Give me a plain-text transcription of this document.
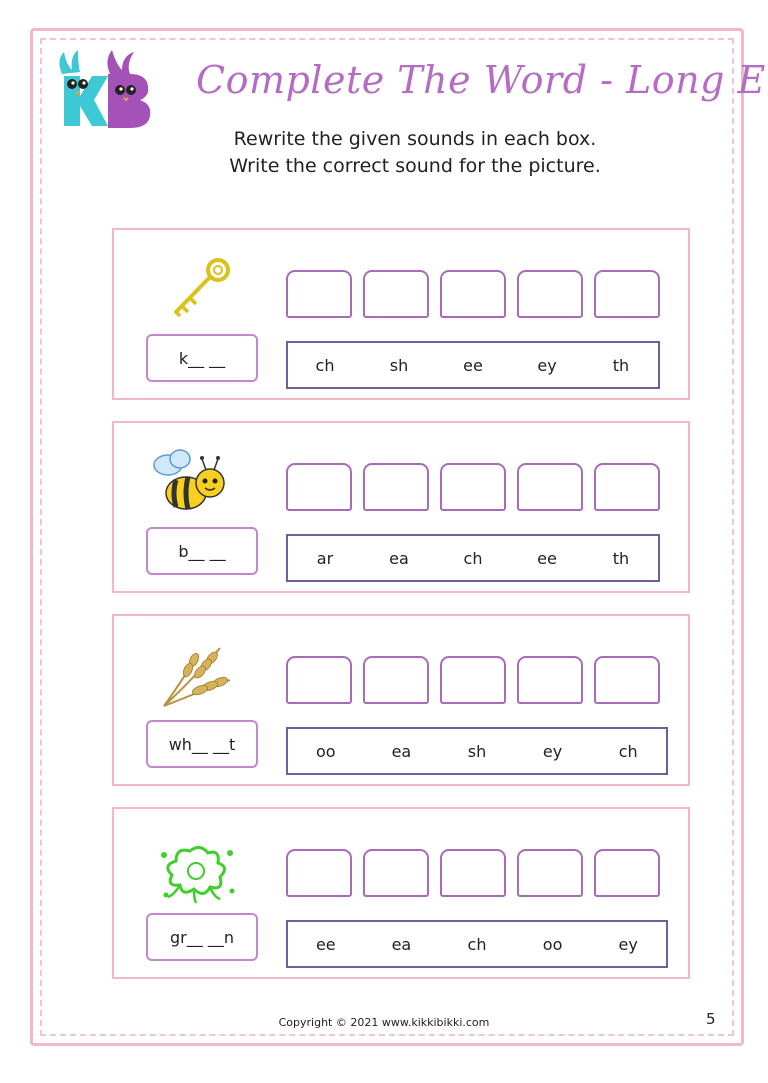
Complete The Word - Long E
Rewrite the given sounds in each box.
Write the correct sound for the picture.
k__ __	ch	sh	ee	ey	th
b__ __	ar	ea	ch	ee	th
wh__ __t	oo	ea	sh	ey	ch
gr__ __n	ee	ea	ch	oo	ey
Copyright © 2021 www.kikkibikki.com	5
